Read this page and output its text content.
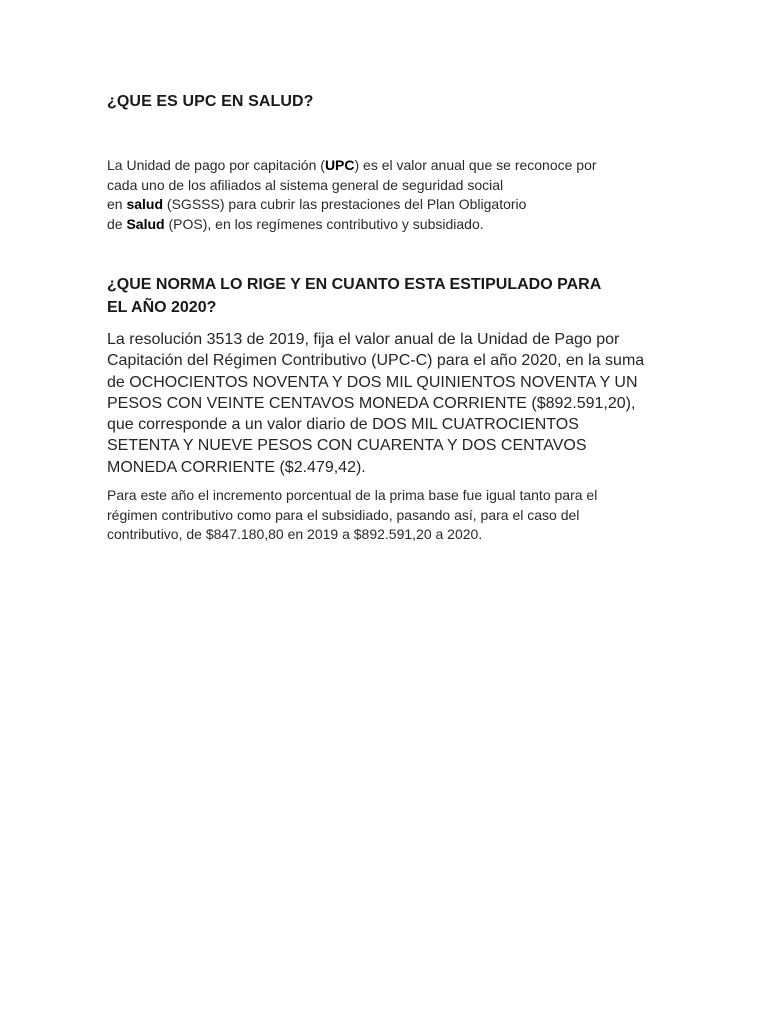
¿QUE ES UPC EN SALUD?

La Unidad de pago por capitación (UPC) es el valor anual que se reconoce por
cada uno de los afiliados al sistema general de seguridad social
en salud (SGSSS) para cubrir las prestaciones del Plan Obligatorio
de Salud (POS), en los regímenes contributivo y subsidiado.

¿QUE NORMA LO RIGE Y EN CUANTO ESTA ESTIPULADO PARA
EL AÑO 2020?

La resolución 3513 de 2019, fija el valor anual de la Unidad de Pago por
Capitación del Régimen Contributivo (UPC-C) para el año 2020, en la suma
de OCHOCIENTOS NOVENTA Y DOS MIL QUINIENTOS NOVENTA Y UN
PESOS CON VEINTE CENTAVOS MONEDA CORRIENTE ($892.591,20),
que corresponde a un valor diario de DOS MIL CUATROCIENTOS
SETENTA Y NUEVE PESOS CON CUARENTA Y DOS CENTAVOS
MONEDA CORRIENTE ($2.479,42).

Para este año el incremento porcentual de la prima base fue igual tanto para el
régimen contributivo como para el subsidiado, pasando así, para el caso del
contributivo, de $847.180,80 en 2019 a $892.591,20 a 2020.
